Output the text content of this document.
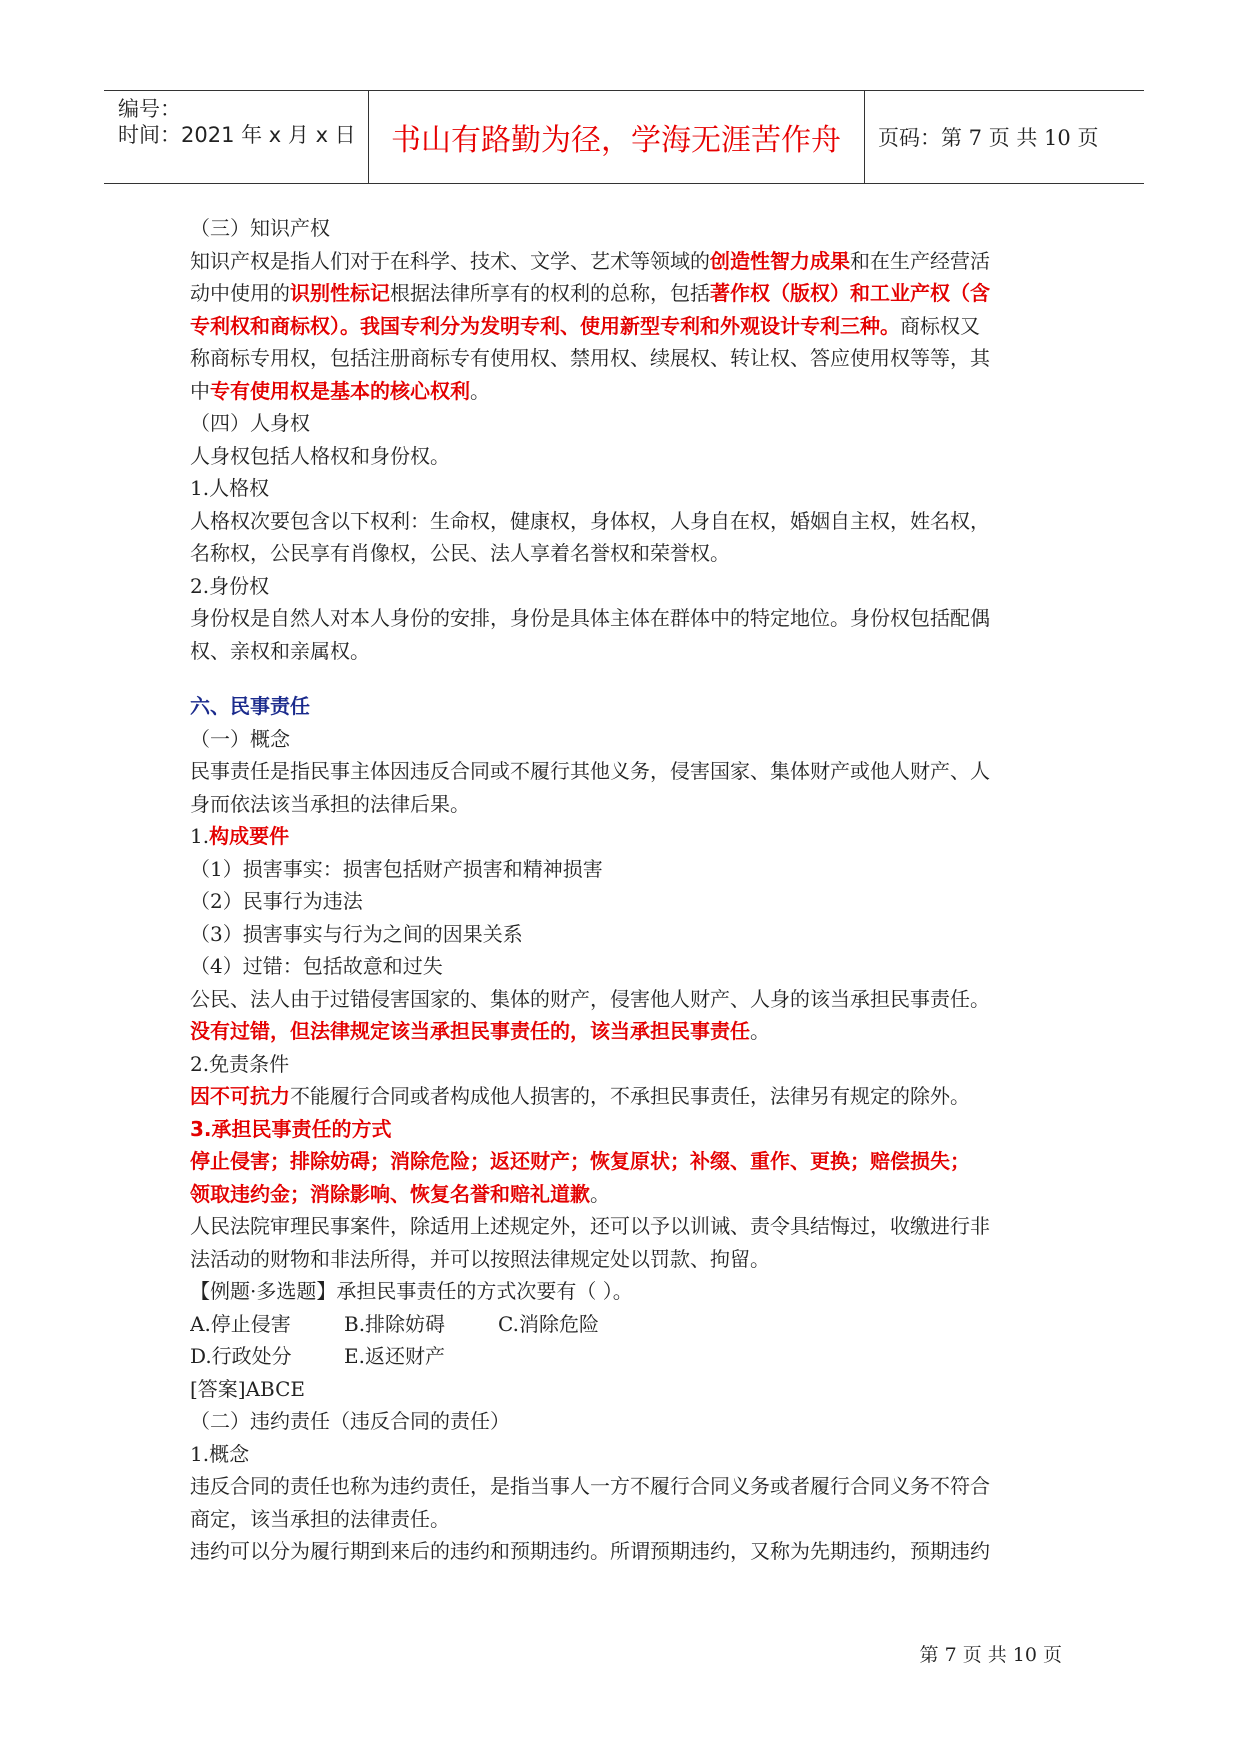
编号：
时间：2021 年 x 月 x 日 书山有路勤为径，学海无涯苦作舟 页码：第 7 页 共 10 页
（三）知识产权
知识产权是指人们对于在科学、技术、文学、艺术等领域的创造性智力成果和在生产经营活
动中使用的识别性标记根据法律所享有的权利的总称，包括著作权（版权）和工业产权（含
专利权和商标权）。我国专利分为发明专利、使用新型专利和外观设计专利三种。商标权又
称商标专用权，包括注册商标专有使用权、禁用权、续展权、转让权、答应使用权等等，其
中专有使用权是基本的核心权利。
（四）人身权
人身权包括人格权和身份权。
1.人格权
人格权次要包含以下权利：生命权，健康权，身体权，人身自在权，婚姻自主权，姓名权，
名称权，公民享有肖像权，公民、法人享着名誉权和荣誉权。
2.身份权
身份权是自然人对本人身份的安排，身份是具体主体在群体中的特定地位。身份权包括配偶
权、亲权和亲属权。
六、民事责任
（一）概念
民事责任是指民事主体因违反合同或不履行其他义务，侵害国家、集体财产或他人财产、人
身而依法该当承担的法律后果。
1.构成要件
（1）损害事实：损害包括财产损害和精神损害
（2）民事行为违法
（3）损害事实与行为之间的因果关系
（4）过错：包括故意和过失
公民、法人由于过错侵害国家的、集体的财产，侵害他人财产、人身的该当承担民事责任。
没有过错，但法律规定该当承担民事责任的，该当承担民事责任。
2.免责条件
因不可抗力不能履行合同或者构成他人损害的，不承担民事责任，法律另有规定的除外。
3.承担民事责任的方式
停止侵害；排除妨碍；消除危险；返还财产；恢复原状；补缀、重作、更换；赔偿损失；
领取违约金；消除影响、恢复名誉和赔礼道歉。
人民法院审理民事案件，除适用上述规定外，还可以予以训诫、责令具结悔过，收缴进行非
法活动的财物和非法所得，并可以按照法律规定处以罚款、拘留。
【例题·多选题】承担民事责任的方式次要有（ ）。
A.停止侵害	B.排除妨碍	C.消除危险
D.行政处分	E.返还财产
[答案]ABCE
（二）违约责任（违反合同的责任）
1.概念
违反合同的责任也称为违约责任，是指当事人一方不履行合同义务或者履行合同义务不符合
商定，该当承担的法律责任。
违约可以分为履行期到来后的违约和预期违约。所谓预期违约，又称为先期违约，预期违约
第 7 页 共 10 页
